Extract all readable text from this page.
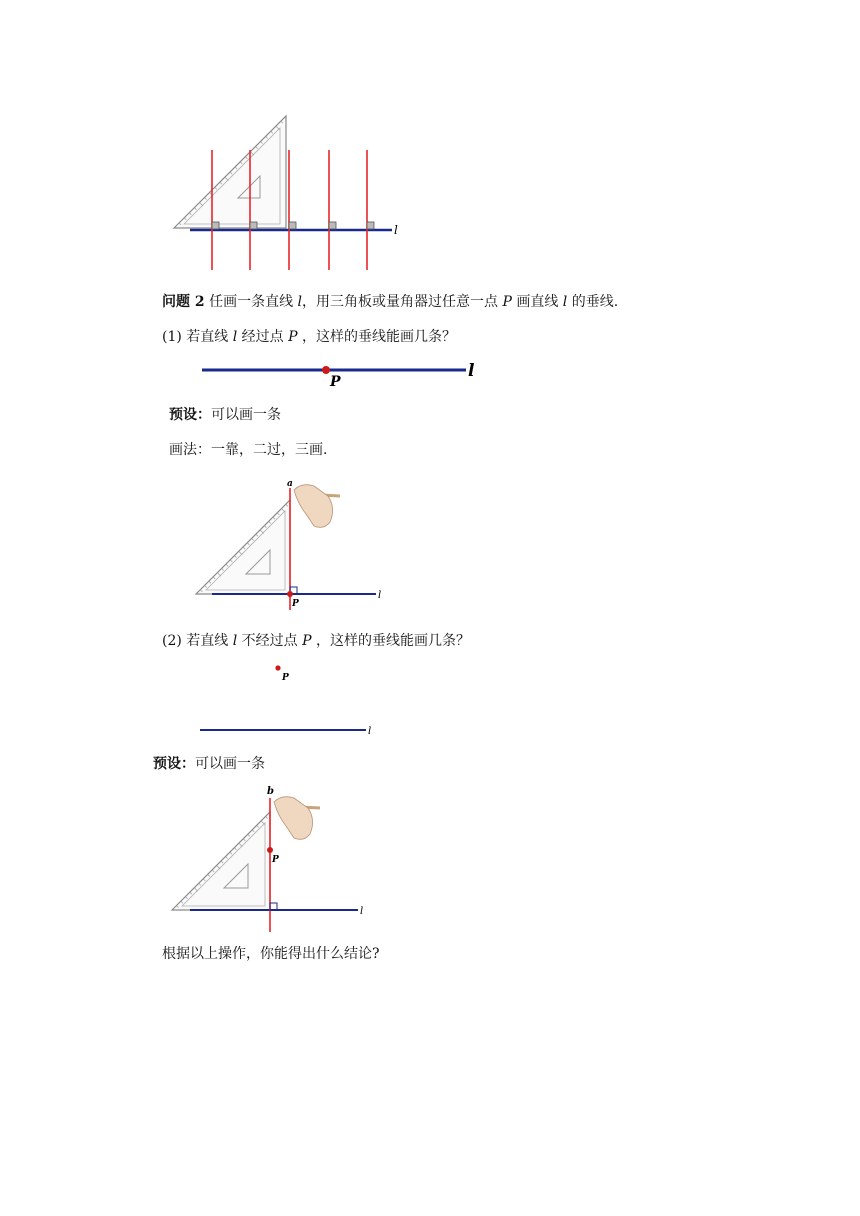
l
问题 2 任画一条直线 l，用三角板或量角器过任意一点 P 画直线 l 的垂线.
(1) 若直线 l 经过点 P ，这样的垂线能画几条？
P
l
预设：可以画一条
画法：一靠，二过，三画.
P
a
l
(2) 若直线 l 不经过点 P ，这样的垂线能画几条？
P
l
预设：可以画一条
P
b
l
根据以上操作，你能得出什么结论?
